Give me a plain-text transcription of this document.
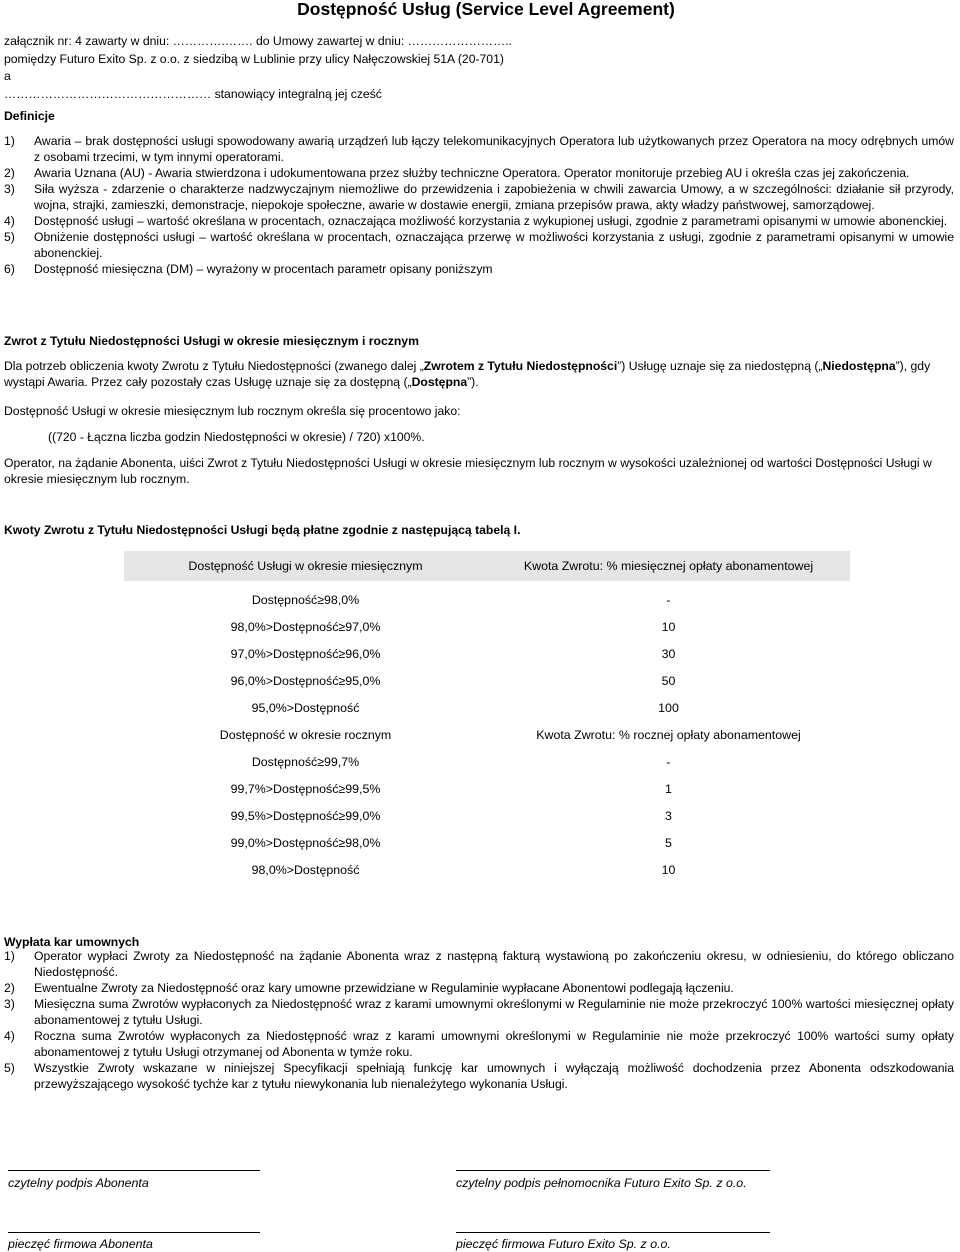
Dostępność Usług (Service Level Agreement)
załącznik nr: 4 zawarty w dniu: ………….……. do Umowy zawartej w dniu: ……………………..
pomiędzy Futuro Exito Sp. z o.o. z siedzibą w Lublinie przy ulicy Nałęczowskiej 51A (20-701)
a
…………………………………………… stanowiący integralną jej cześć
Definicje
1)	Awaria – brak dostępności usługi spowodowany awarią urządzeń lub łączy telekomunikacyjnych Operatora lub użytkowanych przez Operatora na mocy odrębnych umów z osobami trzecimi, w tym innymi operatorami.
2)	Awaria Uznana (AU) - Awaria stwierdzona i udokumentowana przez służby techniczne Operatora. Operator monitoruje przebieg AU i określa czas jej zakończenia.
3)	Siła wyższa - zdarzenie o charakterze nadzwyczajnym niemożliwe do przewidzenia i zapobieżenia w chwili zawarcia Umowy, a w szczególności: działanie sił przyrody, wojna, strajki, zamieszki, demonstracje, niepokoje społeczne, awarie w dostawie energii, zmiana przepisów prawa, akty władzy państwowej, samorządowej.
4)	Dostępność usługi – wartość określana w procentach, oznaczająca możliwość korzystania z wykupionej usługi, zgodnie z parametrami opisanymi w umowie abonenckiej.
5)	Obniżenie dostępności usługi – wartość określana w procentach, oznaczająca przerwę w możliwości korzystania z usługi, zgodnie z parametrami opisanymi w umowie abonenckiej.
6)	Dostępność miesięczna (DM) – wyrażony w procentach parametr opisany poniższym
Zwrot z Tytułu Niedostępności Usługi w okresie miesięcznym i rocznym
Dla potrzeb obliczenia kwoty Zwrotu z Tytułu Niedostępności (zwanego dalej „Zwrotem z Tytułu Niedostępności”) Usługę uznaje się za niedostępną („Niedostępna”), gdy wystąpi Awaria. Przez cały pozostały czas Usługę uznaje się za dostępną („Dostępna”).
Dostępność Usługi w okresie miesięcznym lub rocznym określa się procentowo jako:
((720 - Łączna liczba godzin Niedostępności w okresie) / 720) x100%.
Operator, na żądanie Abonenta, uiści Zwrot z Tytułu Niedostępności Usługi w okresie miesięcznym lub rocznym w wysokości uzależnionej od wartości Dostępności Usługi w okresie miesięcznym lub rocznym.
Kwoty Zwrotu z Tytułu Niedostępności Usługi będą płatne zgodnie z następującą tabelą I.
Dostępność Usługi w okresie miesięcznym	Kwota Zwrotu: % miesięcznej opłaty abonamentowej

Dostępność≥98,0%	-
98,0%>Dostępność≥97,0%	10
97,0%>Dostępność≥96,0%	30
96,0%>Dostępność≥95,0%	50
95,0%>Dostępność	100
Dostępność w okresie rocznym	Kwota Zwrotu: % rocznej opłaty abonamentowej
Dostępność≥99,7%	-
99,7%>Dostępność≥99,5%	1
99,5%>Dostępność≥99,0%	3
99,0%>Dostępność≥98,0%	5
98,0%>Dostępność	10
Wypłata kar umownych
1)	Operator wypłaci Zwroty za Niedostępność na żądanie Abonenta wraz z następną fakturą wystawioną po zakończeniu okresu, w odniesieniu, do którego obliczano Niedostępność.
2)	Ewentualne Zwroty za Niedostępność oraz kary umowne przewidziane w Regulaminie wypłacane Abonentowi podlegają łączeniu.
3)	Miesięczna suma Zwrotów wypłaconych za Niedostępność wraz z karami umownymi określonymi w Regulaminie nie może przekroczyć 100% wartości miesięcznej opłaty abonamentowej z tytułu Usługi.
4)	Roczna suma Zwrotów wypłaconych za Niedostępność wraz z karami umownymi określonymi w Regulaminie nie może przekroczyć 100% wartości sumy opłaty abonamentowej z tytułu Usługi otrzymanej od Abonenta w tymże roku.
5)	Wszystkie Zwroty wskazane w niniejszej Specyfikacji spełniają funkcję kar umownych i wyłączają możliwość dochodzenia przez Abonenta odszkodowania przewyższającego wysokość tychże kar z tytułu niewykonania lub nienależytego wykonania Usługi.
czytelny podpis Abonenta	czytelny podpis pełnomocnika Futuro Exito Sp. z o.o.
pieczęć firmowa Abonenta	pieczęć firmowa Futuro Exito Sp. z o.o.
